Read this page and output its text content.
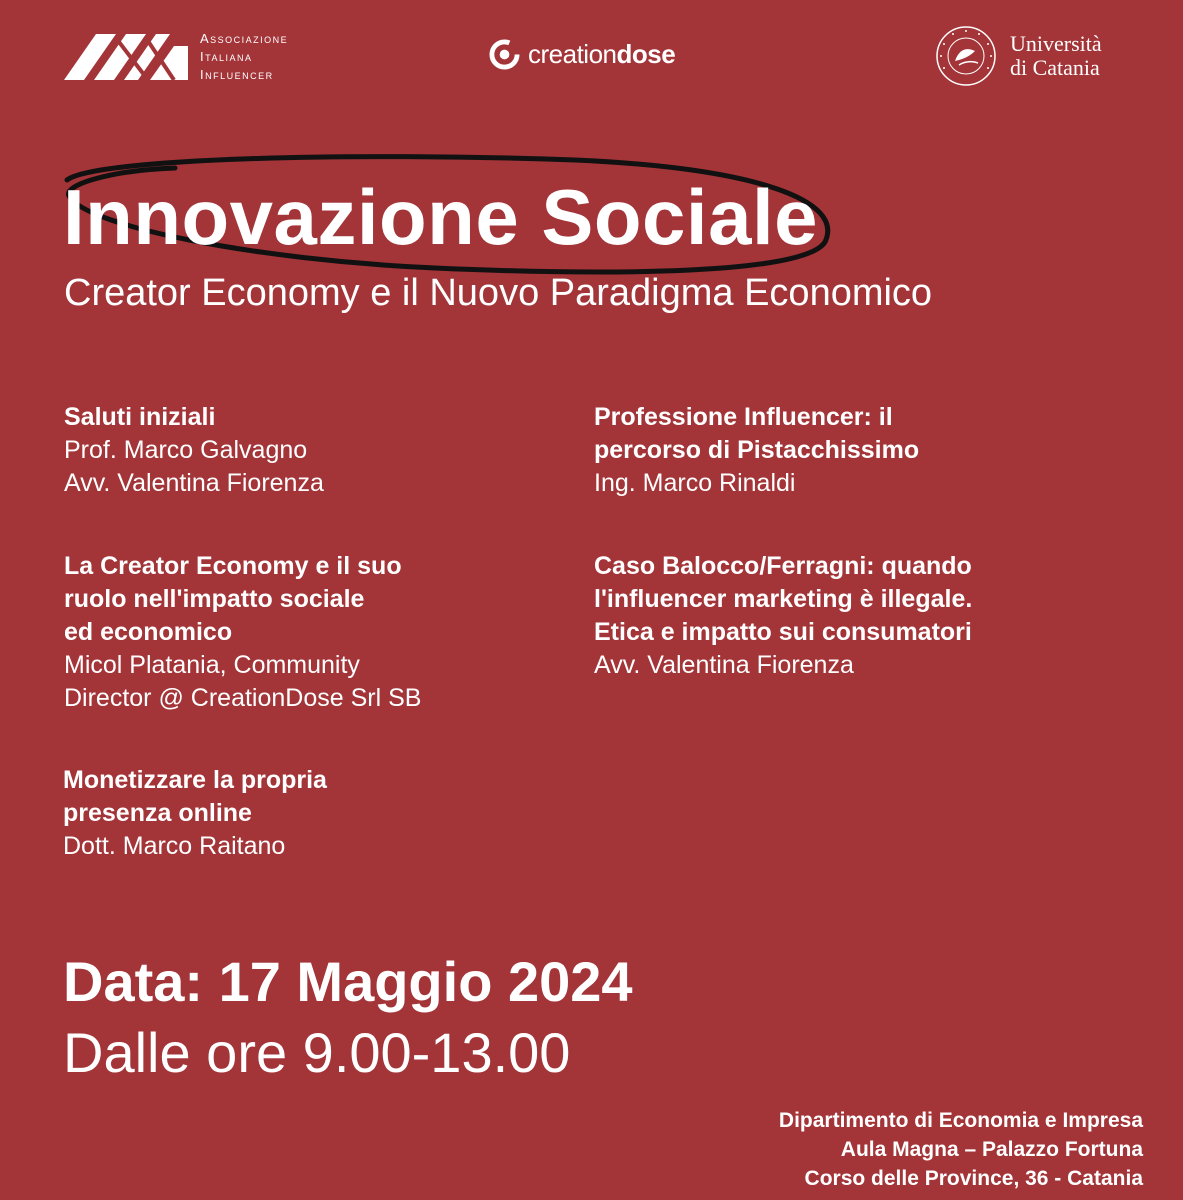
Associazione
Italiana
Influencer
creationdose	Università
di Catania
Innovazione Sociale
Creator Economy e il Nuovo Paradigma Economico
Saluti iniziali
Prof. Marco Galvagno
Avv. Valentina Fiorenza
La Creator Economy e il suo
ruolo nell'impatto sociale
ed economico
Micol Platania, Community
Director @ CreationDose Srl SB
Monetizzare la propria
presenza online
Dott. Marco Raitano
Professione Influencer: il
percorso di Pistacchissimo
Ing. Marco Rinaldi
Caso Balocco/Ferragni: quando
l'influencer marketing è illegale.
Etica e impatto sui consumatori
Avv. Valentina Fiorenza
Data: 17 Maggio 2024
Dalle ore 9.00-13.00
Dipartimento di Economia e Impresa
Aula Magna – Palazzo Fortuna
Corso delle Province, 36 - Catania
